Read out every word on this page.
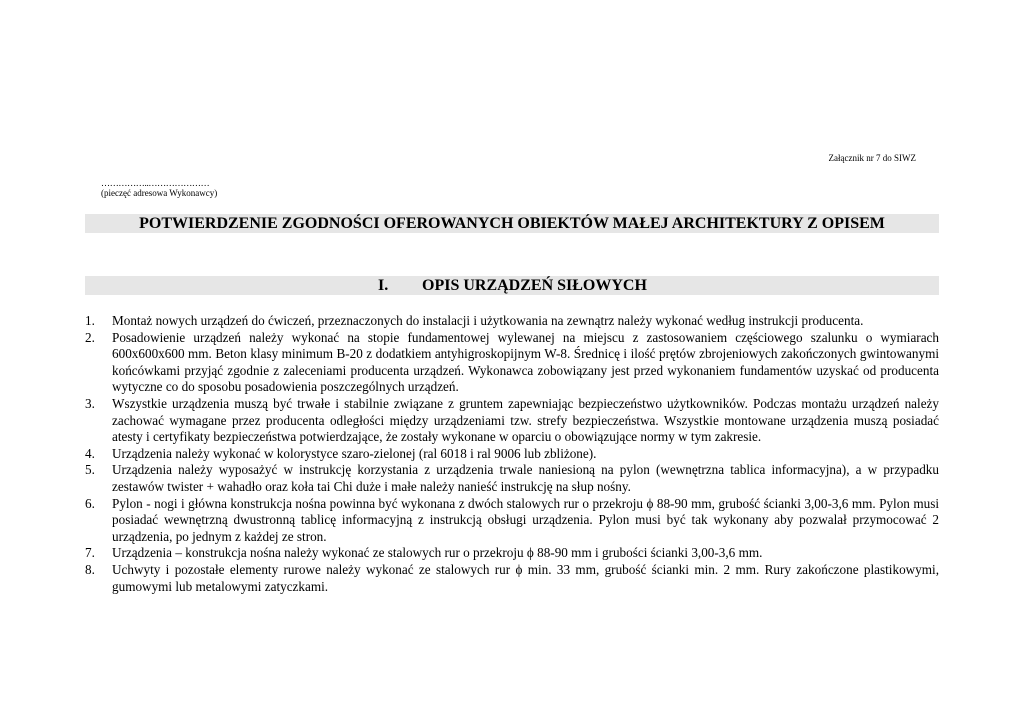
Załącznik nr 7 do SIWZ
……………..…………………
(pieczęć adresowa Wykonawcy)
POTWIERDZENIE ZGODNOŚCI OFEROWANYCH OBIEKTÓW MAŁEJ ARCHITEKTURY Z OPISEM
I. OPIS URZĄDZEŃ SIŁOWYCH
1. Montaż nowych urządzeń do ćwiczeń, przeznaczonych do instalacji i użytkowania na zewnątrz należy wykonać według instrukcji producenta.
2. Posadowienie urządzeń należy wykonać na stopie fundamentowej wylewanej na miejscu z zastosowaniem częściowego szalunku o wymiarach 600x600x600 mm. Beton klasy minimum B-20 z dodatkiem antyhigroskopijnym W-8. Średnicę i ilość prętów zbrojeniowych zakończonych gwintowanymi końcówkami przyjąć zgodnie z zaleceniami producenta urządzeń. Wykonawca zobowiązany jest przed wykonaniem fundamentów uzyskać od producenta wytyczne co do sposobu posadowienia poszczególnych urządzeń.
3. Wszystkie urządzenia muszą być trwałe i stabilnie związane z gruntem zapewniając bezpieczeństwo użytkowników. Podczas montażu urządzeń należy zachować wymagane przez producenta odległości między urządzeniami tzw. strefy bezpieczeństwa. Wszystkie montowane urządzenia muszą posiadać atesty i certyfikaty bezpieczeństwa potwierdzające, że zostały wykonane w oparciu o obowiązujące normy w tym zakresie.
4. Urządzenia należy wykonać w kolorystyce szaro-zielonej (ral 6018 i ral 9006 lub zbliżone).
5. Urządzenia należy wyposażyć w instrukcję korzystania z urządzenia trwale naniesioną na pylon (wewnętrzna tablica informacyjna), a w przypadku zestawów twister + wahadło oraz koła tai Chi duże i małe należy nanieść instrukcję na słup nośny.
6. Pylon - nogi i główna konstrukcja nośna powinna być wykonana z dwóch stalowych rur o przekroju ϕ 88-90 mm, grubość ścianki 3,00-3,6 mm. Pylon musi posiadać wewnętrzną dwustronną tablicę informacyjną z instrukcją obsługi urządzenia. Pylon musi być tak wykonany aby pozwalał przymocować 2 urządzenia, po jednym z każdej ze stron.
7. Urządzenia – konstrukcja nośna należy wykonać ze stalowych rur o przekroju ϕ 88-90 mm i grubości ścianki 3,00-3,6 mm.
8. Uchwyty i pozostałe elementy rurowe należy wykonać ze stalowych rur ϕ min. 33 mm, grubość ścianki min. 2 mm. Rury zakończone plastikowymi, gumowymi lub metalowymi zatyczkami.
